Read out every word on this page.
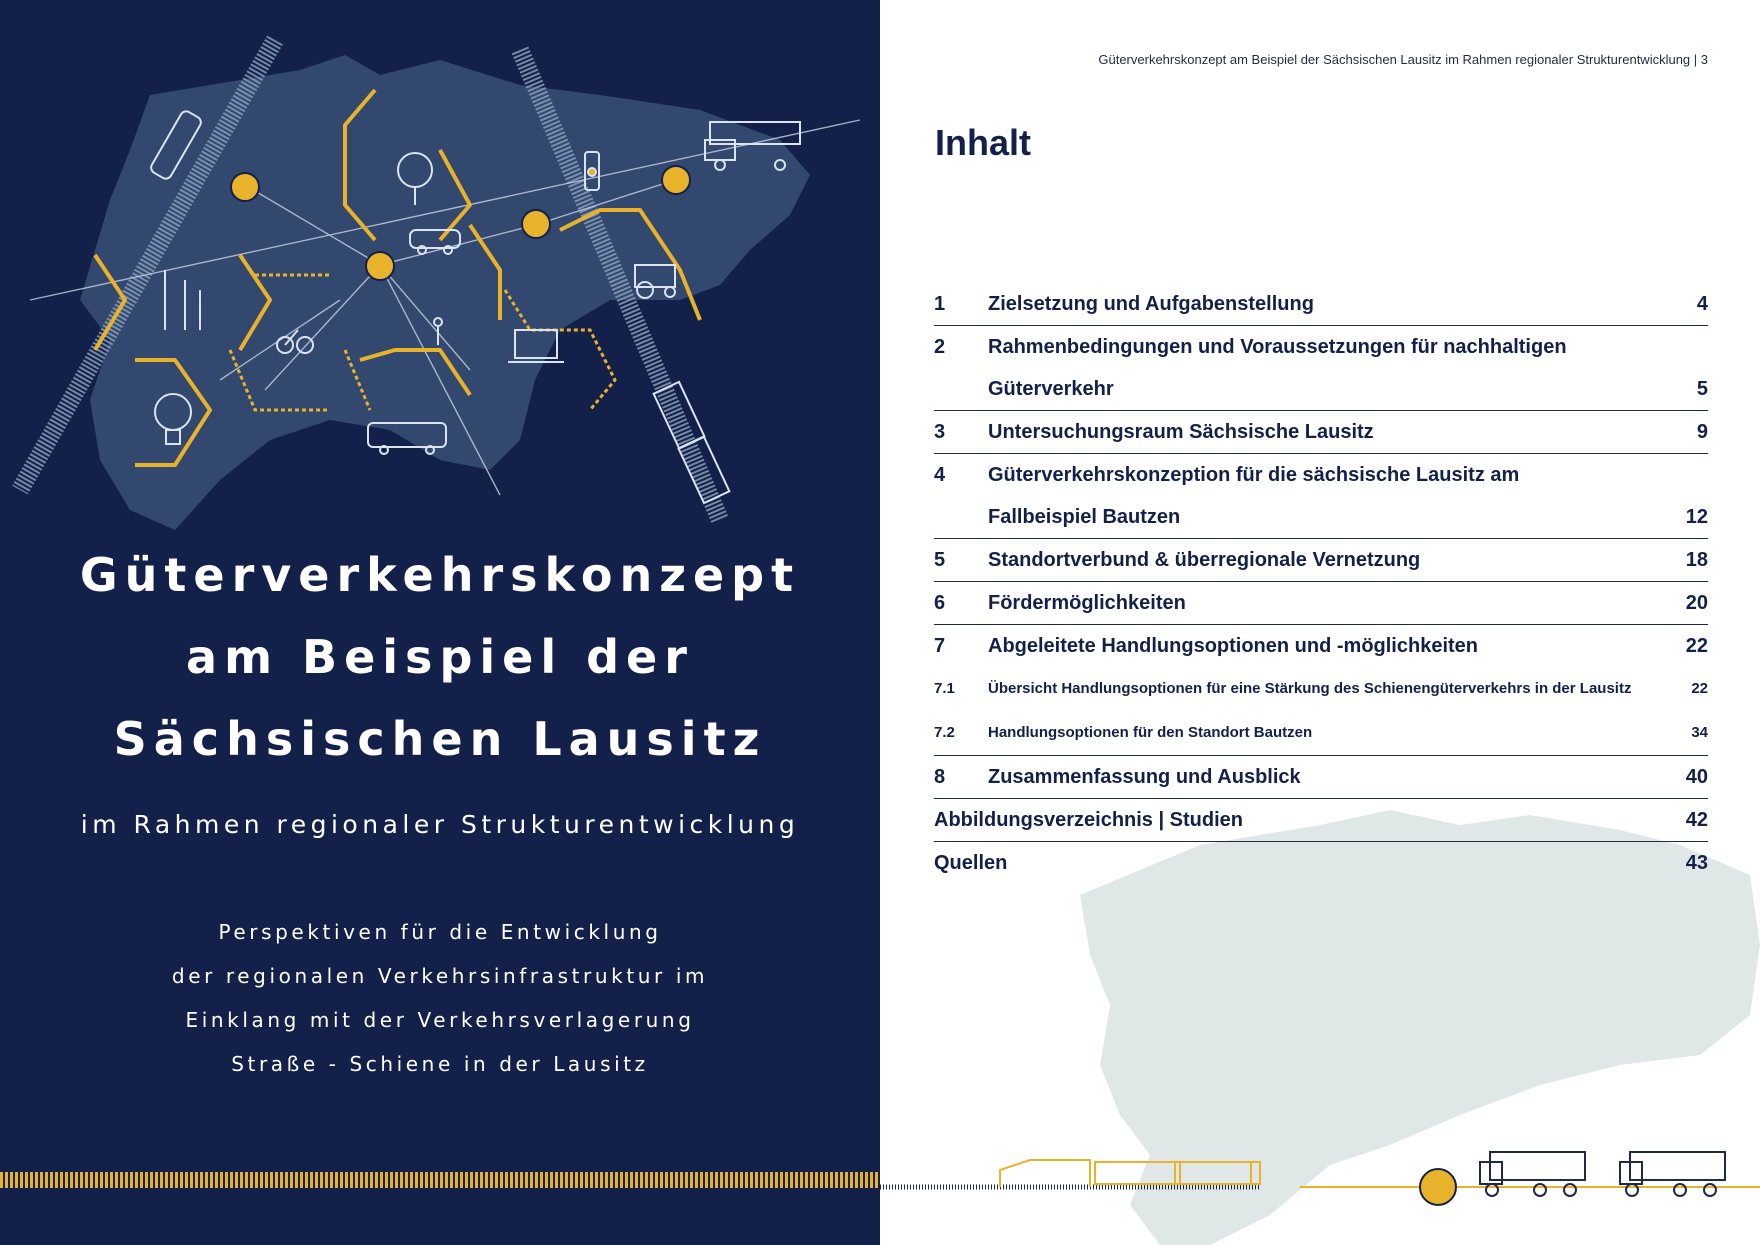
Güterverkehrskonzept
am Beispiel der
Sächsischen Lausitz
im Rahmen regionaler Strukturentwicklung
Perspektiven für die Entwicklung
der regionalen Verkehrsinfrastruktur im
Einklang mit der Verkehrsverlagerung
Straße - Schiene in der Lausitz
Güterverkehrskonzept am Beispiel der Sächsischen Lausitz im Rahmen regionaler Strukturentwicklung | 3
Inhalt
1	Zielsetzung und Aufgabenstellung	4
2	Rahmenbedingungen und Voraussetzungen für nachhaltigen Güterverkehr	5
3	Untersuchungsraum Sächsische Lausitz	9
4	Güterverkehrskonzeption für die sächsische Lausitz am Fallbeispiel Bautzen	12
5	Standortverbund & überregionale Vernetzung	18
6	Fördermöglichkeiten	20
7	Abgeleitete Handlungsoptionen und -möglichkeiten	22
7.1	Übersicht Handlungsoptionen für eine Stärkung des Schienengüterverkehrs in der Lausitz	22
7.2	Handlungsoptionen für den Standort Bautzen	34
8	Zusammenfassung und Ausblick	40
Abbildungsverzeichnis | Studien	42
Quellen	43
